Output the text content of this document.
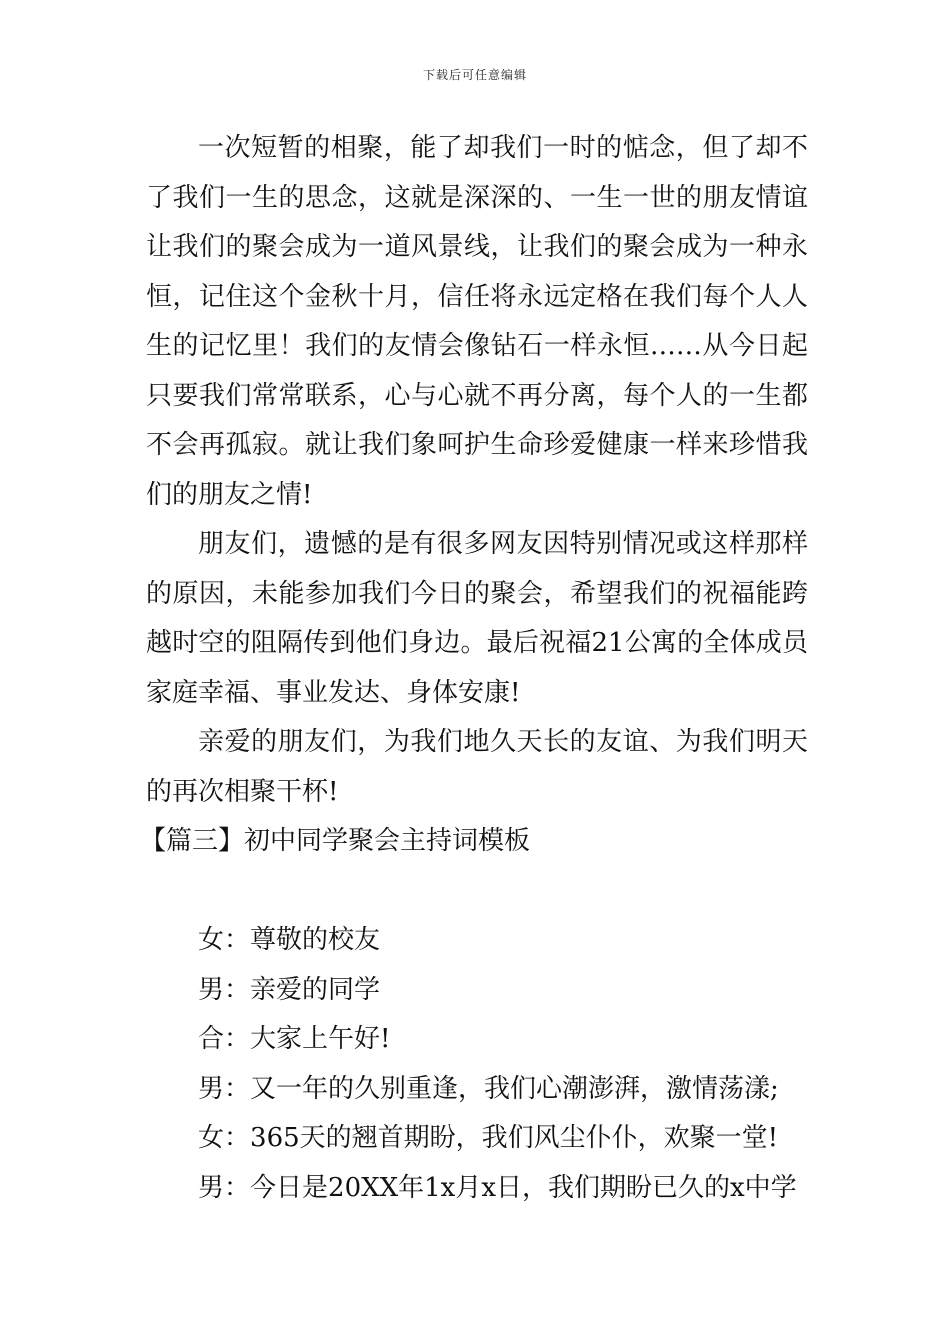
下载后可任意编辑

一次短暂的相聚，能了却我们一时的惦念，但了却不了我们一生的思念，这就是深深的、一生一世的朋友情谊让我们的聚会成为一道风景线，让我们的聚会成为一种永恒，记住这个金秋十月，信任将永远定格在我们每个人人生的记忆里！我们的友情会像钻石一样永恒……从今日起只要我们常常联系，心与心就不再分离，每个人的一生都不会再孤寂。就让我们象呵护生命珍爱健康一样来珍惜我们的朋友之情!

朋友们，遗憾的是有很多网友因特别情况或这样那样的原因，未能参加我们今日的聚会，希望我们的祝福能跨越时空的阻隔传到他们身边。最后祝福21公寓的全体成员家庭幸福、事业发达、身体安康!

亲爱的朋友们，为我们地久天长的友谊、为我们明天的再次相聚干杯!

【篇三】初中同学聚会主持词模板

女：尊敬的校友

男：亲爱的同学

合：大家上午好!

男：又一年的久别重逢，我们心潮澎湃，激情荡漾;

女：365天的翘首期盼，我们风尘仆仆，欢聚一堂!

男：今日是20XX年1x月x日，我们期盼已久的x中学
